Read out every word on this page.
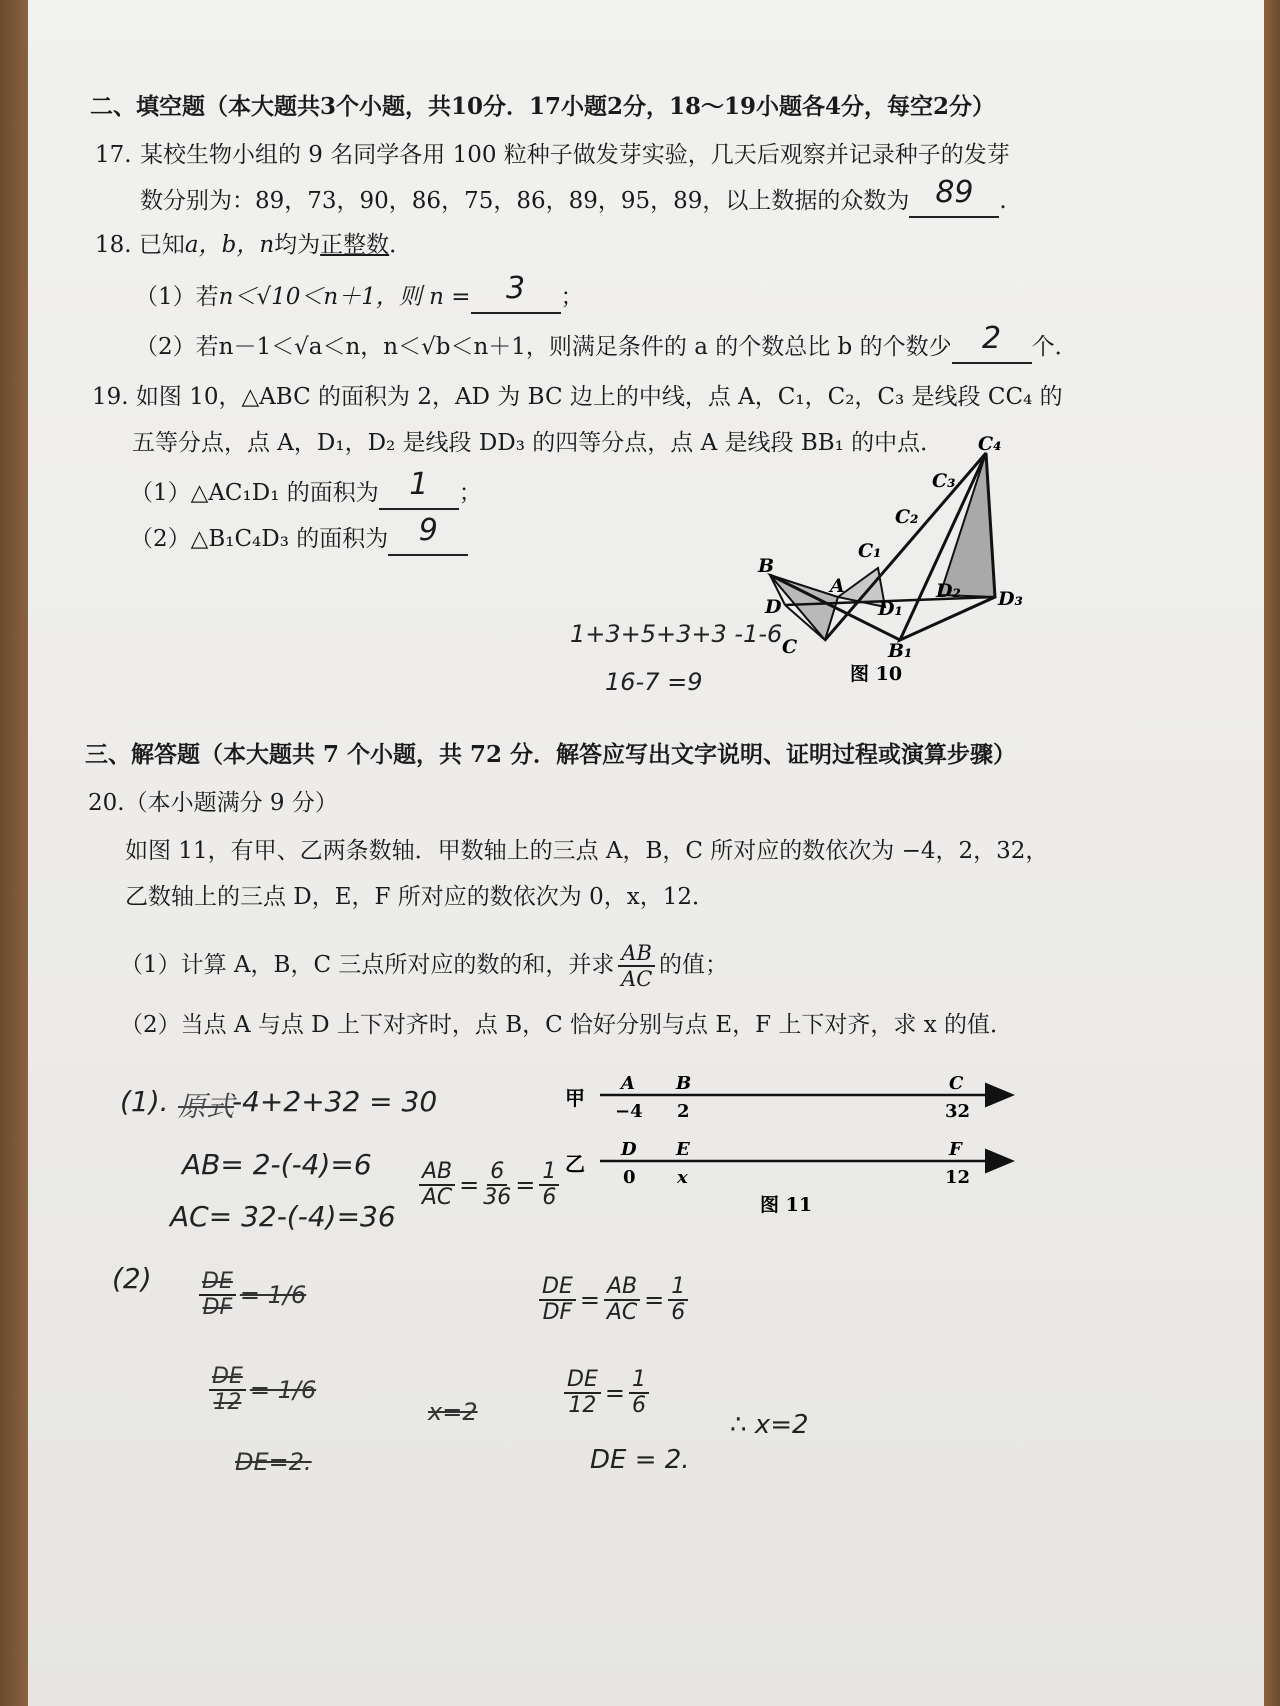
二、填空题（本大题共3个小题，共10分．17小题2分，18～19小题各4分，每空2分）
17. 某校生物小组的 9 名同学各用 100 粒种子做发芽实验，几天后观察并记录种子的发芽
数分别为：89，73，90，86，75，86，89，95，89，以上数据的众数为 89 .
18. 已知a，b，n均为正整数．
（1）若n＜√10＜n＋1，则 n = 3 ；
（2）若n－1＜√a＜n，n＜√b＜n＋1，则满足条件的 a 的个数总比 b 的个数少 2 个．
19. 如图 10，△ABC 的面积为 2，AD 为 BC 边上的中线，点 A，C₁，C₂，C₃ 是线段 CC₄ 的
五等分点，点 A，D₁，D₂ 是线段 DD₃ 的四等分点，点 A 是线段 BB₁ 的中点．
（1）△AC₁D₁ 的面积为 1 ；
（2）△B₁C₄D₃ 的面积为 9
1+3+5+3+3 -1-6
16-7 =9
B
A
D
C
C₁
C₂
C₃
C₄
D₁
D₂ D₃
B₁
图 10
三、解答题（本大题共 7 个小题，共 72 分．解答应写出文字说明、证明过程或演算步骤）
20.（本小题满分 9 分）
如图 11，有甲、乙两条数轴．甲数轴上的三点 A，B，C 所对应的数依次为 −4，2，32，
乙数轴上的三点 D，E，F 所对应的数依次为 0，x，12．
（1）计算 A，B，C 三点所对应的数的和，并求 $\frac{AB}{AC}$ 的值；
（2）当点 A 与点 D 上下对齐时，点 B，C 恰好分别与点 E，F 上下对齐，求 x 的值．
甲
乙
A
−4
B
2
C
32
D
0
E
x
F
12
图 11
(1). 原式
-4+2+32 = 30
AB= 2-(-4)=6
AC= 32-(-4)=36
$\frac{AB}{AC} = \frac{6}{36} = \frac{1}{6}$
$(2) \frac{DE}{DF} = 1/6$
$\frac{DE}{12} = 1/6$
DE=2.
x=2
$\frac{DE}{DF} = \frac{AB}{AC} = \frac{1}{6}$
$\frac{DE}{12} = \frac{1}{6}$
DE = 2.
∴ x=2
